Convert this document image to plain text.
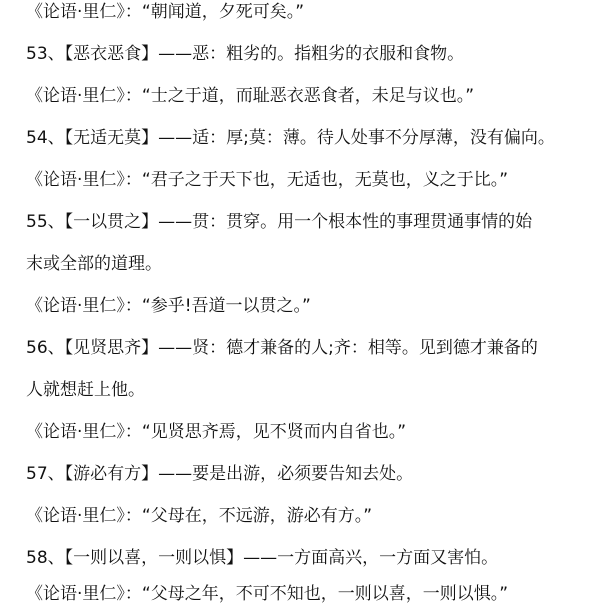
《论语·里仁》：“朝闻道，夕死可矣。”
53、【恶衣恶食】——恶：粗劣的。指粗劣的衣服和食物。
《论语·里仁》：“士之于道，而耻恶衣恶食者，未足与议也。”
54、【无适无莫】——适：厚;莫：薄。待人处事不分厚薄，没有偏向。
《论语·里仁》：“君子之于天下也，无适也，无莫也，义之于比。”
55、【一以贯之】——贯：贯穿。用一个根本性的事理贯通事情的始
末或全部的道理。
《论语·里仁》：“参乎!吾道一以贯之。”
56、【见贤思齐】——贤：德才兼备的人;齐：相等。见到德才兼备的
人就想赶上他。
《论语·里仁》：“见贤思齐焉，见不贤而内自省也。”
57、【游必有方】——要是出游，必须要告知去处。
《论语·里仁》：“父母在，不远游，游必有方。”
58、【一则以喜，一则以惧】——一方面高兴，一方面又害怕。
《论语·里仁》：“父母之年，不可不知也，一则以喜，一则以惧。”
